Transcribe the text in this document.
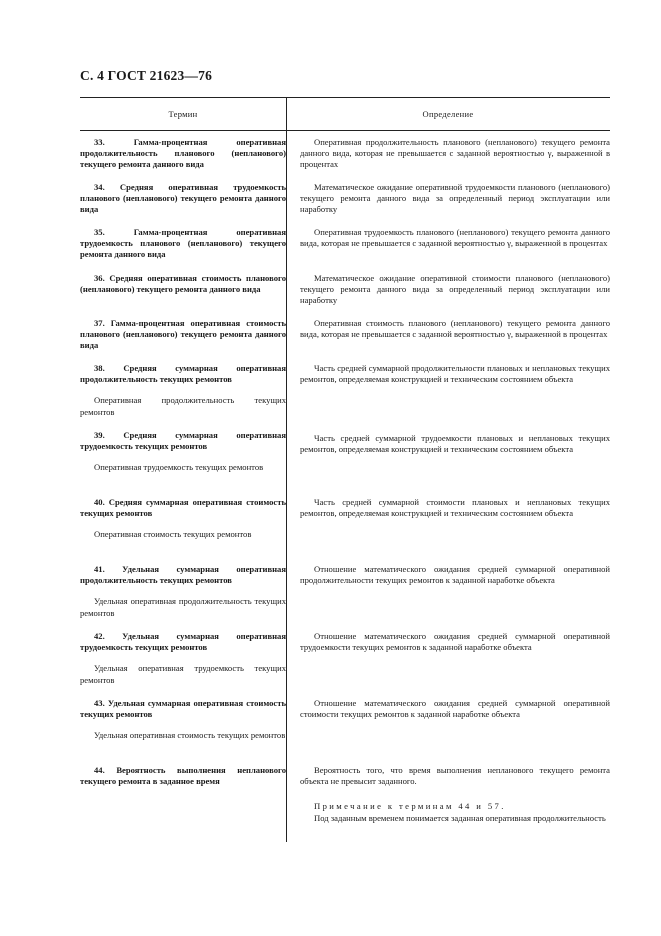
С. 4 ГОСТ 21623—76
Термин	Определение

33. Гамма-процентная оперативная продолжительность планового (непланового) текущего ремонта данного вида

Оперативная продолжительность планового (непланового) текущего ремонта данного вида, которая не превышается с заданной вероятностью γ, выраженной в процентах

34. Средняя оперативная трудоемкость планового (непланового) текущего ремонта данного вида

Математическое ожидание оперативной трудоемкости планового (непланового) текущего ремонта данного вида за определенный период эксплуатации или наработку

35. Гамма-процентная оперативная трудоемкость планового (непланового) текущего ремонта данного вида

Оперативная трудоемкость планового (непланового) текущего ремонта данного вида, которая не превышается с заданной вероятностью γ, выраженной в процентах

36. Средняя оперативная стоимость планового (непланового) текущего ремонта данного вида

Математическое ожидание оперативной стоимости планового (непланового) текущего ремонта данного вида за определенный период эксплуатации или наработку

37. Гамма-процентная оперативная стоимость планового (непланового) текущего ремонта данного вида

Оперативная стоимость планового (непланового) текущего ремонта данного вида, которая не превышается с заданной вероятностью γ, выраженной в процентах

38. Средняя суммарная оперативная продолжительность текущих ремонтов

Оперативная продолжительность текущих ремонтов

Часть средней суммарной продолжительности плановых и неплановых текущих ремонтов, определяемая конструкцией и техническим состоянием объекта

39. Средняя суммарная оперативная трудоемкость текущих ремонтов

Оперативная трудоемкость текущих ремонтов

Часть средней суммарной трудоемкости плановых и неплановых текущих ремонтов, определяемая конструкцией и техническим состоянием объекта

40. Средняя суммарная оперативная стоимость текущих ремонтов

Оперативная стоимость текущих ремонтов

Часть средней суммарной стоимости плановых и неплановых текущих ремонтов, определяемая конструкцией и техническим состоянием объекта

41. Удельная суммарная оперативная продолжительность текущих ремонтов

Удельная оперативная продолжительность текущих ремонтов

Отношение математического ожидания средней суммарной оперативной продолжительности текущих ремонтов к заданной наработке объекта

42. Удельная суммарная оперативная трудоемкость текущих ремонтов

Удельная оперативная трудоемкость текущих ремонтов

Отношение математического ожидания средней суммарной оперативной трудоемкости текущих ремонтов к заданной наработке объекта

43. Удельная суммарная оперативная стоимость текущих ремонтов

Удельная оперативная стоимость текущих ремонтов

Отношение математического ожидания средней суммарной оперативной стоимости текущих ремонтов к заданной наработке объекта

44. Вероятность выполнения непланового текущего ремонта в заданное время

Вероятность того, что время выполнения непланового текущего ремонта объекта не превысит заданного.

Примечание к терминам 44 и 57.

Под заданным временем понимается заданная оперативная продолжительность
